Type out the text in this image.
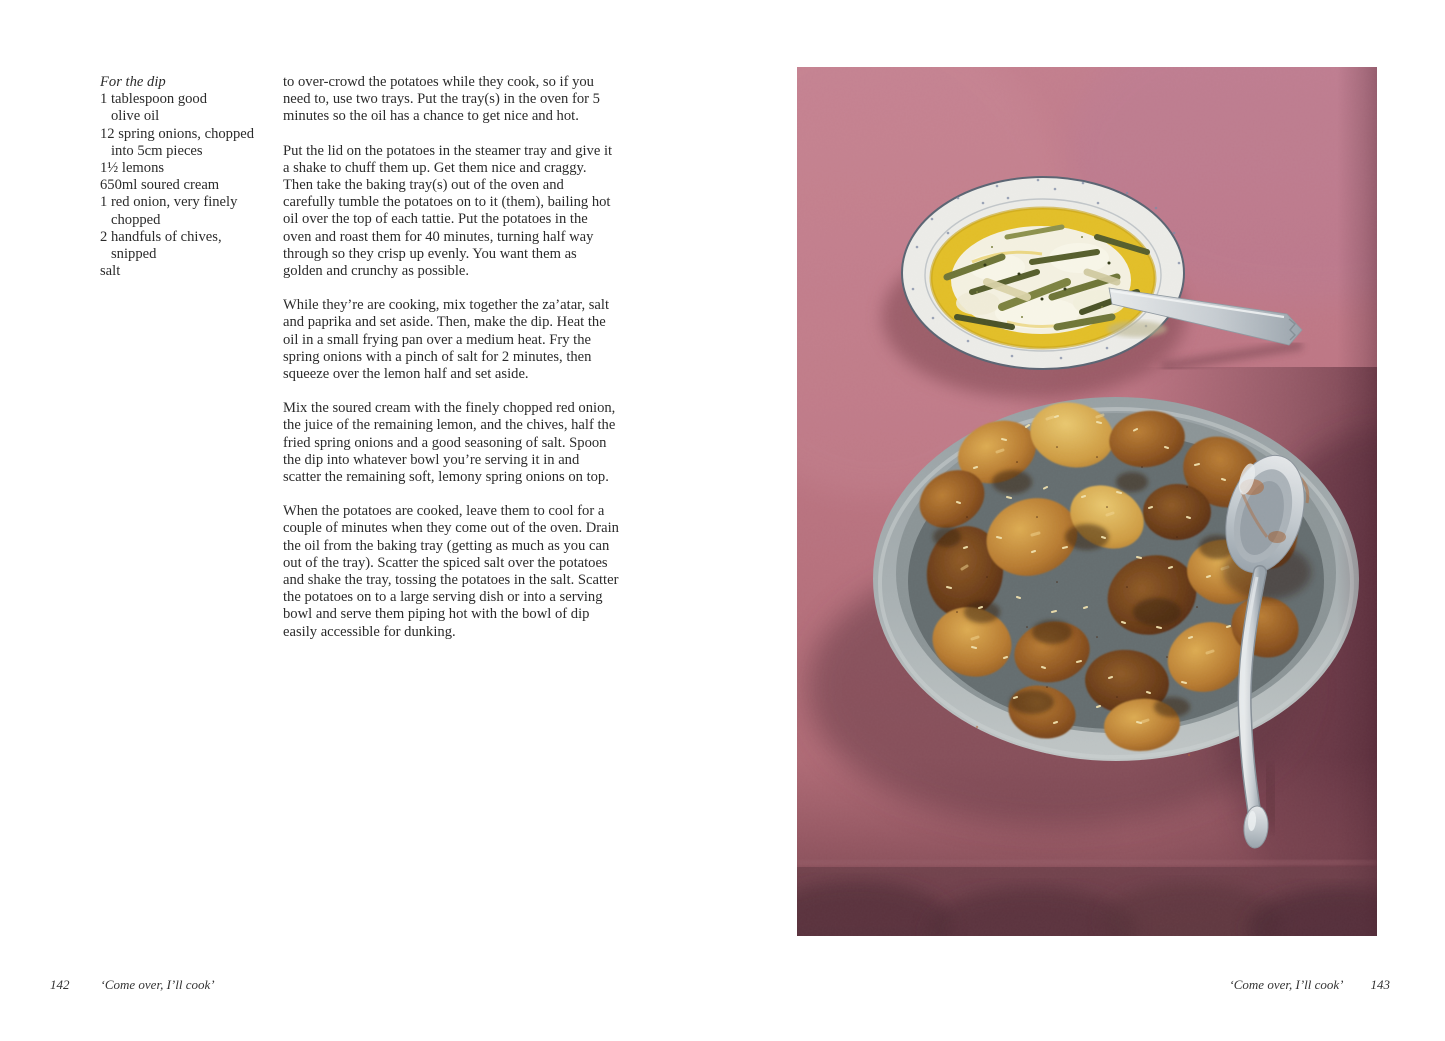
For the dip
1 tablespoon good
olive oil
12 spring onions, chopped
into 5cm pieces
1½ lemons
650ml soured cream
1 red onion, very finely
chopped
2 handfuls of chives,
snipped
salt

to over-crowd the potatoes while they cook, so if you need to, use two trays. Put the tray(s) in the oven for 5 minutes so the oil has a chance to get nice and hot.

Put the lid on the potatoes in the steamer tray and give it a shake to chuff them up. Get them nice and craggy. Then take the baking tray(s) out of the oven and carefully tumble the potatoes on to it (them), bailing hot oil over the top of each tattie. Put the potatoes in the oven and roast them for 40 minutes, turning half way through so they crisp up evenly. You want them as golden and crunchy as possible.

While they’re are cooking, mix together the za’atar, salt and paprika and set aside. Then, make the dip. Heat the oil in a small frying pan over a medium heat. Fry the spring onions with a pinch of salt for 2 minutes, then squeeze over the lemon half and set aside.

Mix the soured cream with the finely chopped red onion, the juice of the remaining lemon, and the chives, half the fried spring onions and a good seasoning of salt. Spoon the dip into whatever bowl you’re serving it in and scatter the remaining soft, lemony spring onions on top.

When the potatoes are cooked, leave them to cool for a couple of minutes when they come out of the oven. Drain the oil from the baking tray (getting as much as you can out of the tray). Scatter the spiced salt over the potatoes and shake the tray, tossing the potatoes in the salt. Scatter the potatoes on to a large serving dish or into a serving bowl and serve them piping hot with the bowl of dip easily accessible for dunking.

142 ‘Come over, I’ll cook’	‘Come over, I’ll cook’ 143
